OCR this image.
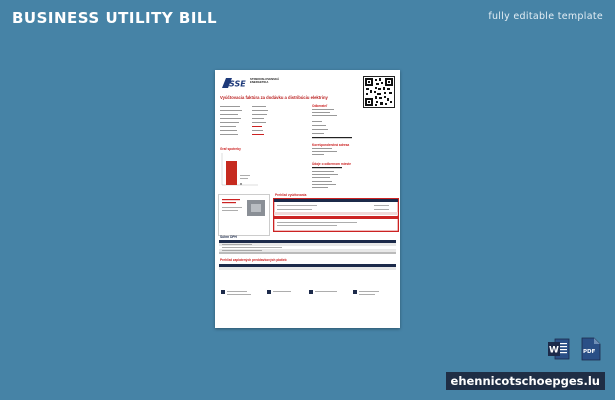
BUSINESS UTILITY BILL	fully editable template
SSE
STREDOSLOVENSKÁ ENERGETIKA
Vyúčtovacia faktúra za dodávku a distribúciu elektriny
Odberateľ
Graf spotreby
Korešpondenčná adresa
Údaje o odbernom mieste
Prehľad vyúčtovania
Súhrn DPH
Prehľad zaplatených preddavkových platieb
W	PDF
ehennicotschoepges.lu
